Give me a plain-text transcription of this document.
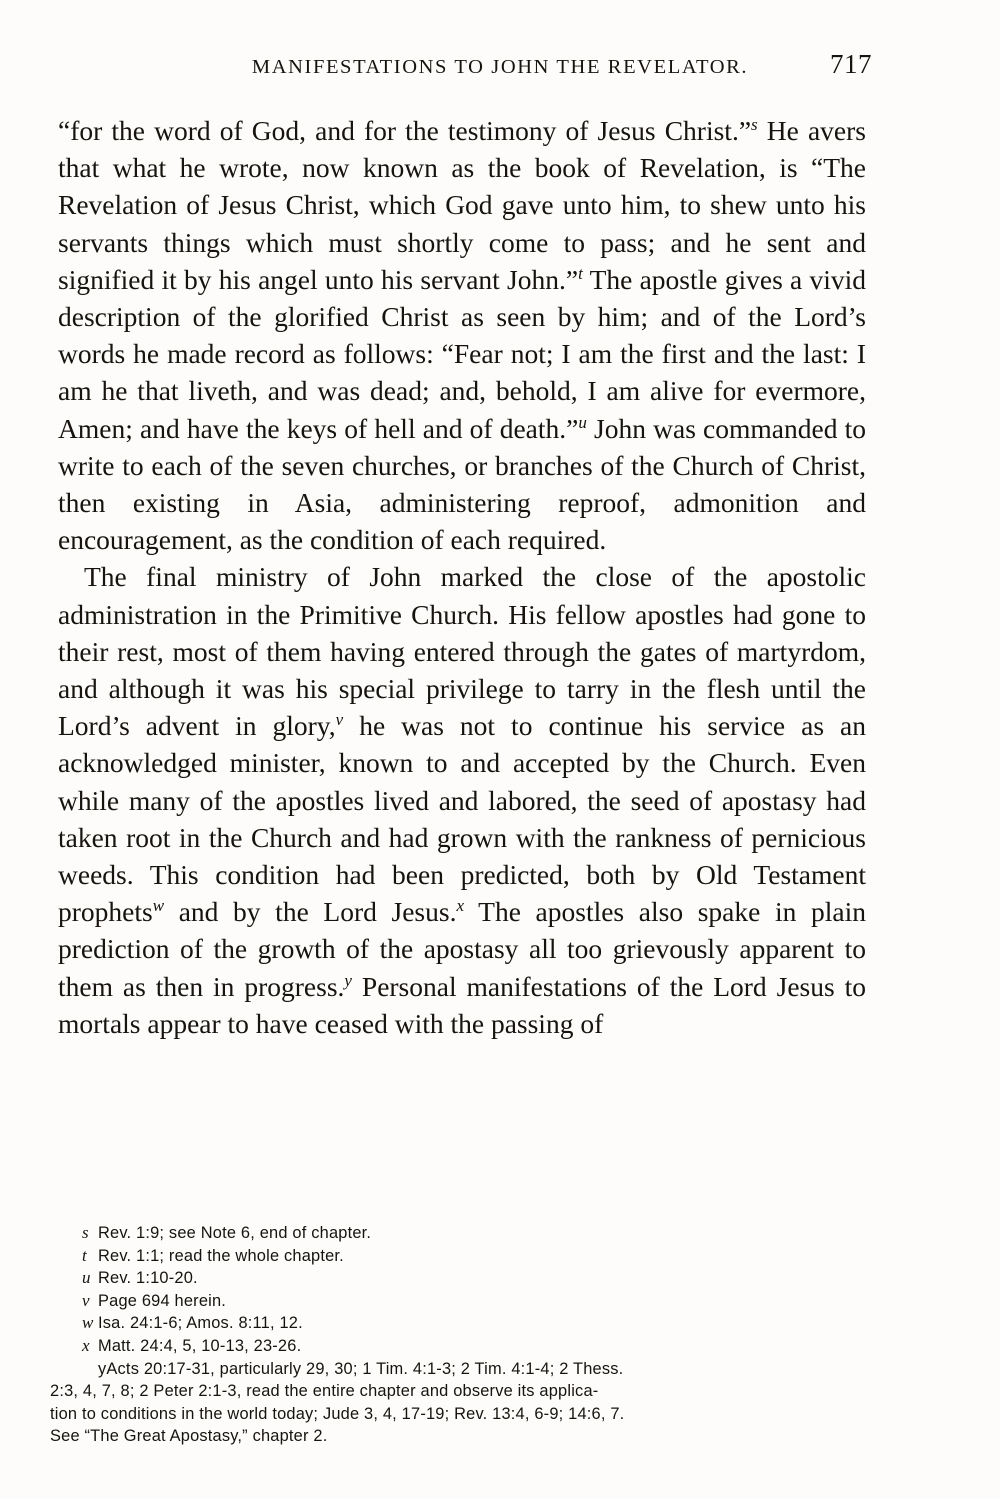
MANIFESTATIONS TO JOHN THE REVELATOR.	717

“for the word of God, and for the testimony of Jesus Christ.”$^s$ He avers that what he wrote, now known as the book of Revelation, is “The Revelation of Jesus Christ, which God gave unto him, to shew unto his servants things which must shortly come to pass; and he sent and signified it by his angel unto his servant John.”$^t$ The apostle gives a vivid description of the glorified Christ as seen by him; and of the Lord’s words he made record as follows: “Fear not; I am the first and the last: I am he that liveth, and was dead; and, behold, I am alive for evermore, Amen; and have the keys of hell and of death.”$^u$ John was commanded to write to each of the seven churches, or branches of the Church of Christ, then existing in Asia, administering reproof, admonition and encouragement, as the condition of each required.

The final ministry of John marked the close of the apostolic administration in the Primitive Church. His fellow apostles had gone to their rest, most of them having entered through the gates of martyrdom, and although it was his special privilege to tarry in the flesh until the Lord’s advent in glory,$^v$ he was not to continue his service as an acknowledged minister, known to and accepted by the Church. Even while many of the apostles lived and labored, the seed of apostasy had taken root in the Church and had grown with the rankness of pernicious weeds. This condition had been predicted, both by Old Testament prophets$^w$ and by the Lord Jesus.$^x$ The apostles also spake in plain prediction of the growth of the apostasy all too grievously apparent to them as then in progress.$^y$ Personal manifestations of the Lord Jesus to mortals appear to have ceased with the passing of

s Rev. 1:9; see Note 6, end of chapter.

t Rev. 1:1; read the whole chapter.

u Rev. 1:10-20.

v Page 694 herein.

w Isa. 24:1-6; Amos. 8:11, 12.

x Matt. 24:4, 5, 10-13, 23-26.

yActs 20:17-31, particularly 29, 30; 1 Tim. 4:1-3; 2 Tim. 4:1-4; 2 Thess.

2:3, 4, 7, 8; 2 Peter 2:1-3, read the entire chapter and observe its applica-

tion to conditions in the world today; Jude 3, 4, 17-19; Rev. 13:4, 6-9; 14:6, 7.

See “The Great Apostasy,” chapter 2.
